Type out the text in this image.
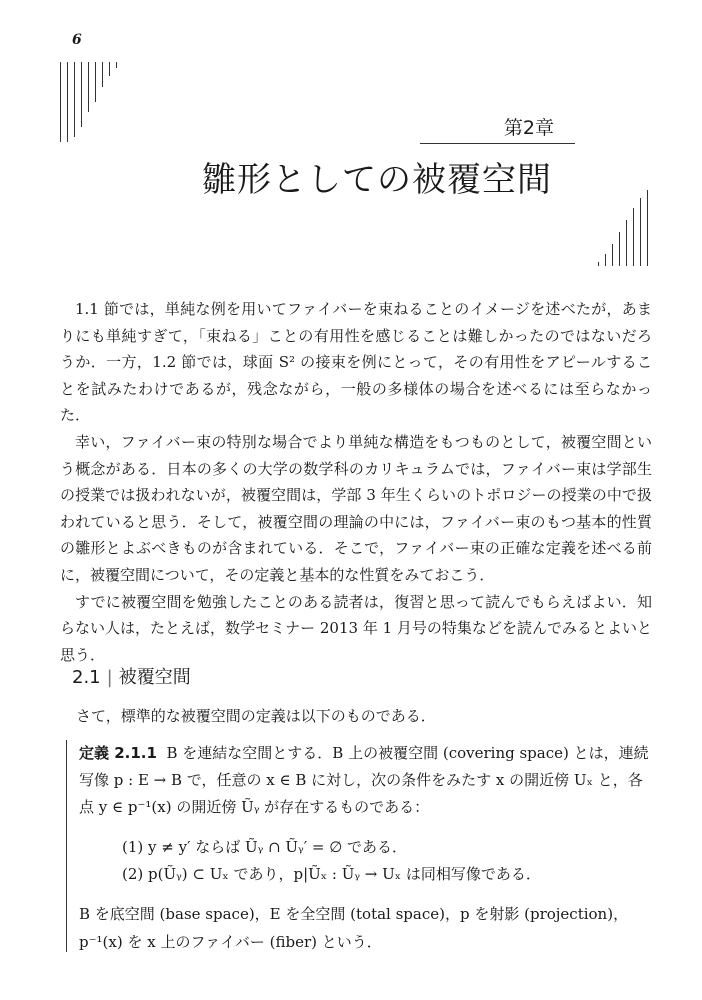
6
第2章
雛形としての被覆空間

1.1 節では，単純な例を用いてファイバーを束ねることのイメージを述べたが，あまりにも単純すぎて，「束ねる」ことの有用性を感じることは難しかったのではないだろうか．一方，1.2 節では，球面 S² の接束を例にとって，その有用性をアピールすることを試みたわけであるが，残念ながら，一般の多様体の場合を述べるには至らなかった．

幸い，ファイバー束の特別な場合でより単純な構造をもつものとして，被覆空間という概念がある．日本の多くの大学の数学科のカリキュラムでは，ファイバー束は学部生の授業では扱われないが，被覆空間は，学部 3 年生くらいのトポロジーの授業の中で扱われていると思う．そして，被覆空間の理論の中には，ファイバー束のもつ基本的性質の雛形とよぶべきものが含まれている．そこで，ファイバー束の正確な定義を述べる前に，被覆空間について，その定義と基本的な性質をみておこう．

すでに被覆空間を勉強したことのある読者は，復習と思って読んでもらえばよい．知らない人は，たとえば，数学セミナー 2013 年 1 月号の特集などを読んでみるとよいと思う．

2.1 | 被覆空間
さて，標準的な被覆空間の定義は以下のものである．
定義 2.1.1 B を連結な空間とする．B 上の被覆空間 (covering space) とは，連続写像 p : E → B で，任意の x ∈ B に対し，次の条件をみたす x の開近傍 Uₓ と，各点 y ∈ p⁻¹(x) の開近傍 Ũᵧ が存在するものである：
(1) y ≠ y′ ならば Ũᵧ ∩ Ũᵧ′ = ∅ である．
(2) p(Ũᵧ) ⊂ Uₓ であり，p|Ũₓ : Ũᵧ → Uₓ は同相写像である．
B を底空間 (base space)，E を全空間 (total space)，p を射影 (projection)，p⁻¹(x) を x 上のファイバー (fiber) という．
